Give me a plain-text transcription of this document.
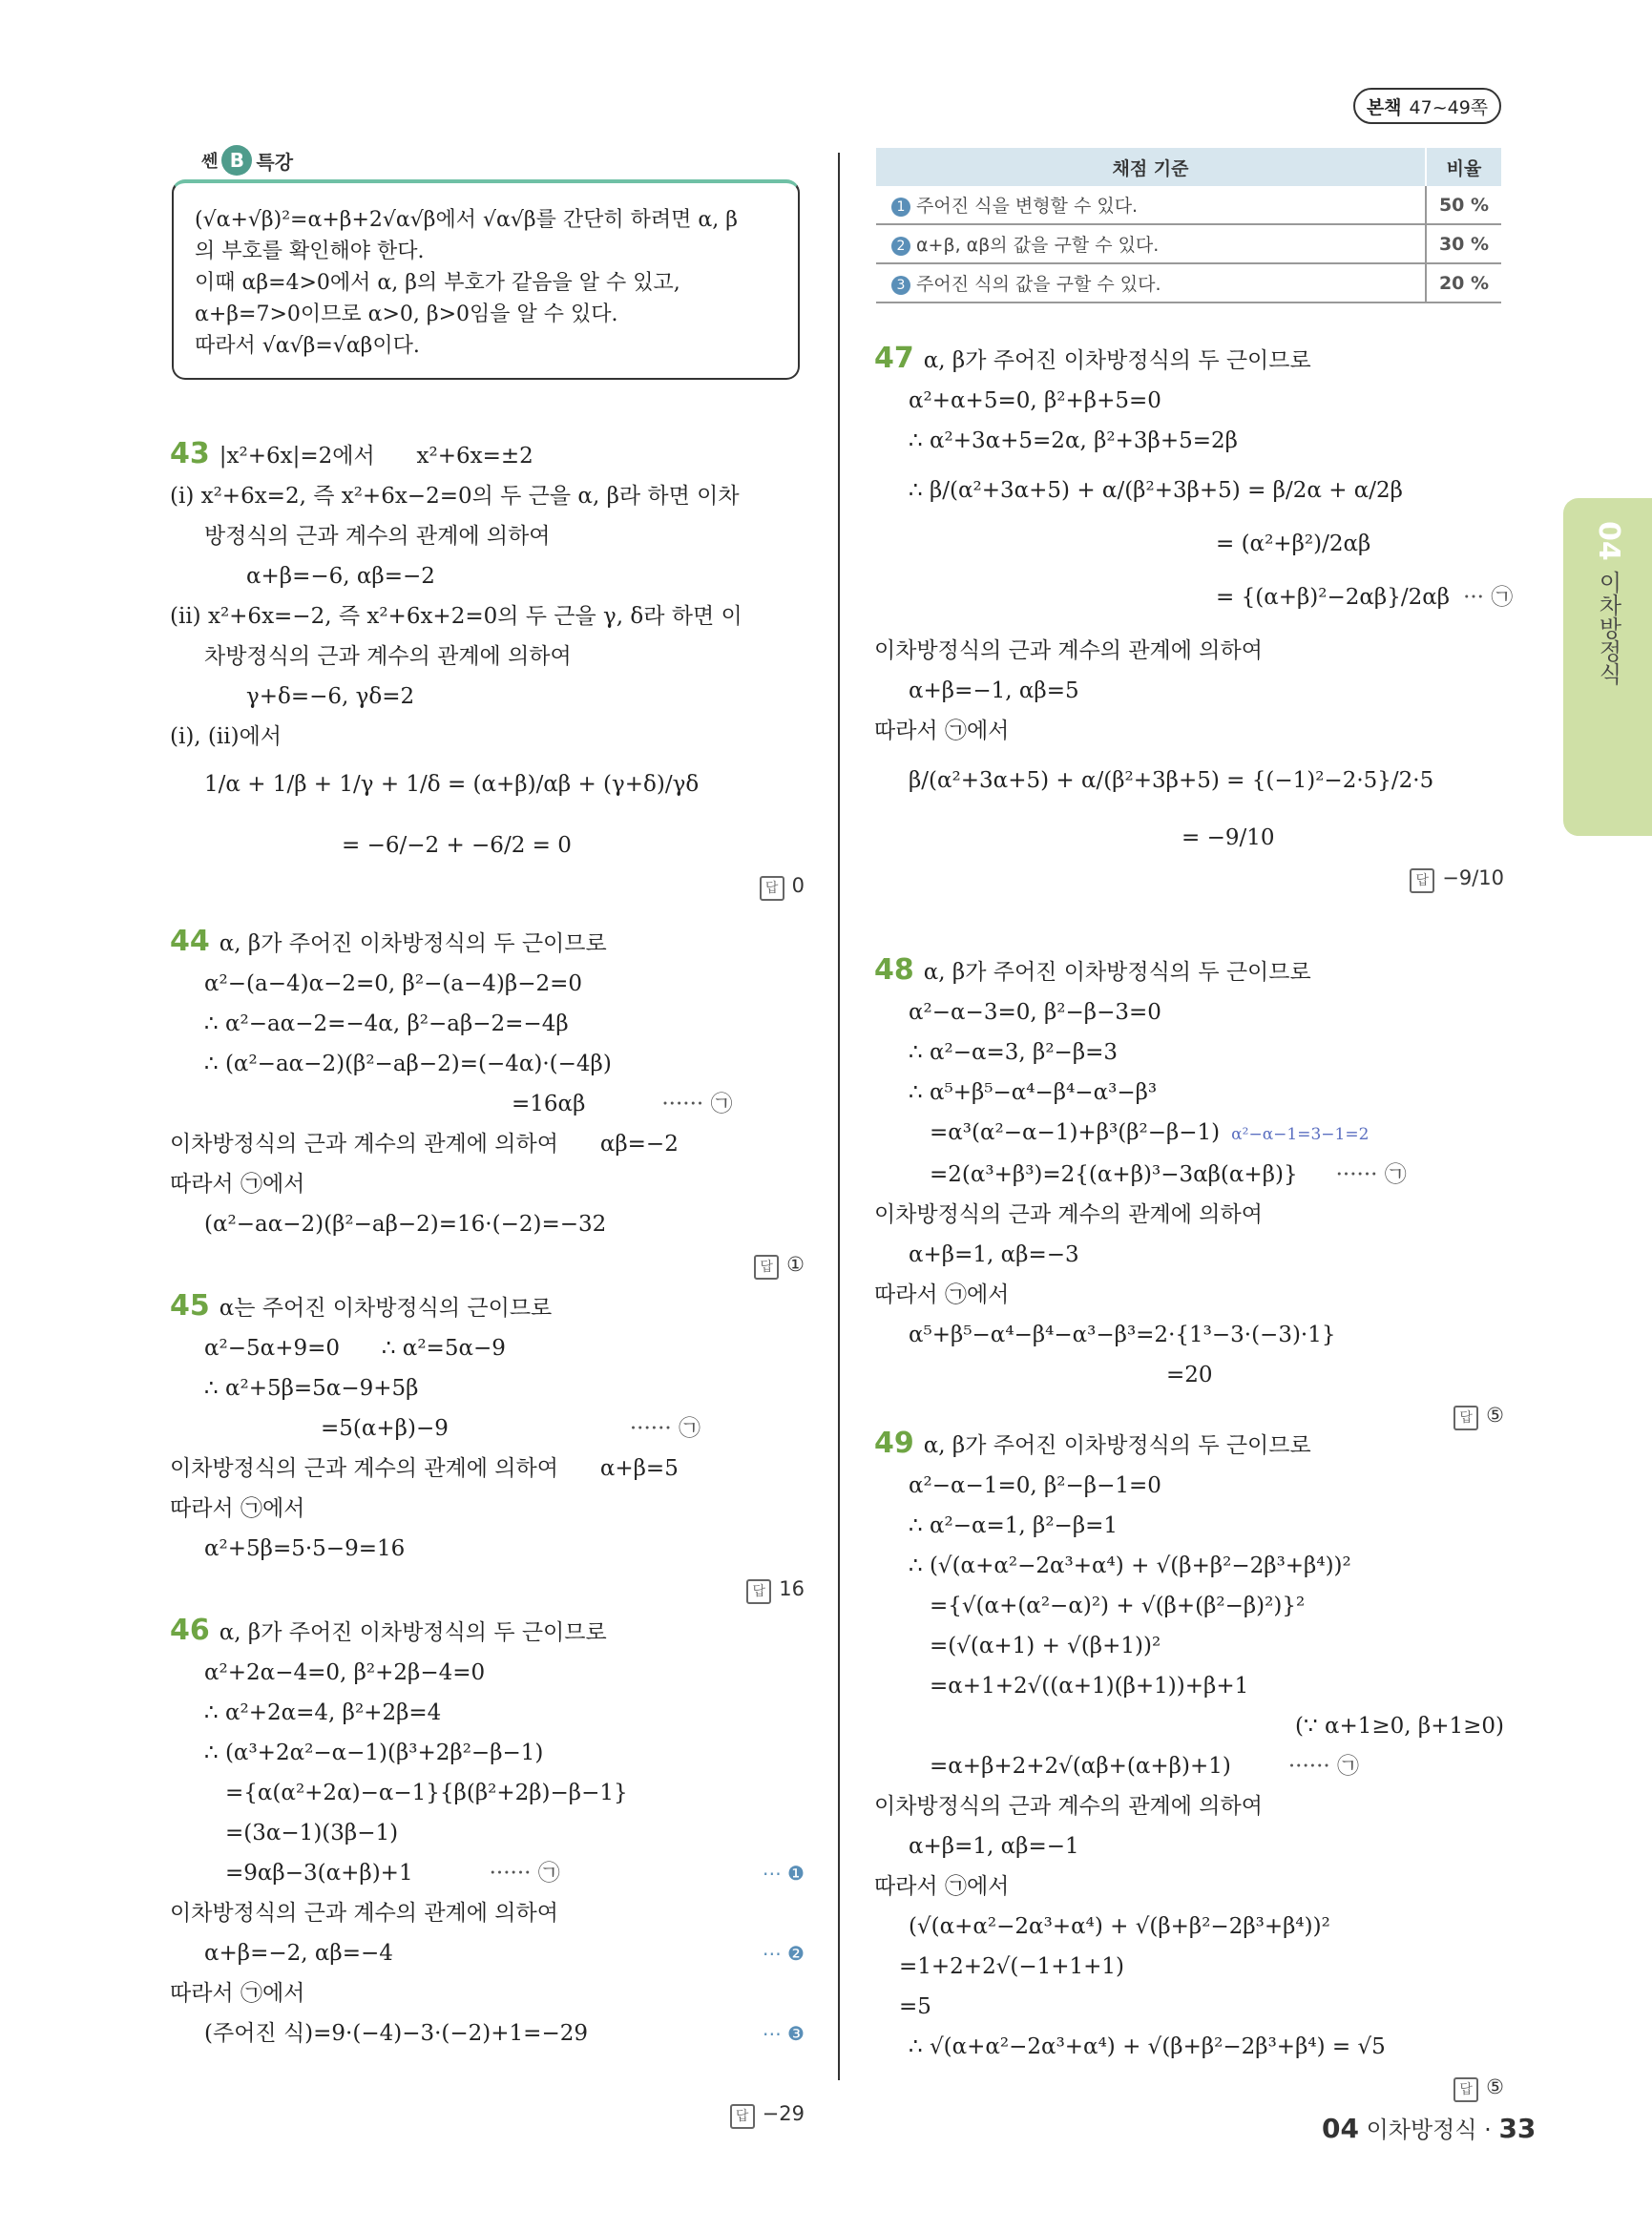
본책 47~49쪽
쎈 B 특강
(√α+√β)²=α+β+2√α√β에서 √α√β를 간단히 하려면 α, β
의 부호를 확인해야 한다.
이때 αβ=4>0에서 α, β의 부호가 같음을 알 수 있고,
α+β=7>0이므로 α>0, β>0임을 알 수 있다.
따라서 √α√β=√αβ이다.
채점 기준	비율
1 주어진 식을 변형할 수 있다.	50 %
2 α+β, αβ의 값을 구할 수 있다.	30 %
3 주어진 식의 값을 구할 수 있다.	20 %
43 |x²+6x|=2에서      x²+6x=±2
(ⅰ) x²+6x=2, 즉 x²+6x−2=0의 두 근을 α, β라 하면 이차
방정식의 근과 계수의 관계에 의하여
α+β=−6, αβ=−2
(ⅱ) x²+6x=−2, 즉 x²+6x+2=0의 두 근을 γ, δ라 하면 이
차방정식의 근과 계수의 관계에 의하여
γ+δ=−6, γδ=2
(ⅰ), (ⅱ)에서
1/α + 1/β + 1/γ + 1/δ = (α+β)/αβ + (γ+δ)/γδ
= −6/−2 + −6/2 = 0

답 0

44 α, β가 주어진 이차방정식의 두 근이므로
α²−(a−4)α−2=0, β²−(a−4)β−2=0
∴ α²−aα−2=−4α, β²−aβ−2=−4β
∴ (α²−aα−2)(β²−aβ−2)=(−4α)·(−4β)
=16αβ	······ ㉠
이차방정식의 근과 계수의 관계에 의하여      αβ=−2
따라서 ㉠에서
(α²−aα−2)(β²−aβ−2)=16·(−2)=−32

답 ①

45 α는 주어진 이차방정식의 근이므로
α²−5α+9=0      ∴ α²=5α−9
∴ α²+5β=5α−9+5β
=5(α+β)−9	······ ㉠
이차방정식의 근과 계수의 관계에 의하여      α+β=5
따라서 ㉠에서
α²+5β=5·5−9=16

답 16

46 α, β가 주어진 이차방정식의 두 근이므로
α²+2α−4=0, β²+2β−4=0
∴ α²+2α=4, β²+2β=4
∴ (α³+2α²−α−1)(β³+2β²−β−1)
={α(α²+2α)−α−1}{β(β²+2β)−β−1}
=(3α−1)(3β−1)
=9αβ−3(α+β)+1	······ ㉠	⋯ ❶
이차방정식의 근과 계수의 관계에 의하여
α+β=−2, αβ=−4	⋯ ❷
따라서 ㉠에서
(주어진 식)=9·(−4)−3·(−2)+1=−29	⋯ ❸

답 −29

47 α, β가 주어진 이차방정식의 두 근이므로
α²+α+5=0, β²+β+5=0
∴ α²+3α+5=2α, β²+3β+5=2β
∴ β/(α²+3α+5) + α/(β²+3β+5) = β/2α + α/2β
= (α²+β²)/2αβ
= {(α+β)²−2αβ}/2αβ ··· ㉠
이차방정식의 근과 계수의 관계에 의하여
α+β=−1, αβ=5
따라서 ㉠에서
β/(α²+3α+5) + α/(β²+3β+5) = {(−1)²−2·5}/2·5
= −9/10

답 −9/10

48 α, β가 주어진 이차방정식의 두 근이므로
α²−α−3=0, β²−β−3=0
∴ α²−α=3, β²−β=3
∴ α⁵+β⁵−α⁴−β⁴−α³−β³
=α³(α²−α−1)+β³(β²−β−1) α²−α−1=3−1=2
=2(α³+β³)=2{(α+β)³−3αβ(α+β)} ······ ㉠
이차방정식의 근과 계수의 관계에 의하여
α+β=1, αβ=−3
따라서 ㉠에서
α⁵+β⁵−α⁴−β⁴−α³−β³=2·{1³−3·(−3)·1}
=20

답 ⑤

49 α, β가 주어진 이차방정식의 두 근이므로
α²−α−1=0, β²−β−1=0
∴ α²−α=1, β²−β=1
∴ (√(α+α²−2α³+α⁴) + √(β+β²−2β³+β⁴))²
={√(α+(α²−α)²) + √(β+(β²−β)²)}²
=(√(α+1) + √(β+1))²
=α+1+2√((α+1)(β+1))+β+1
(∵ α+1≥0, β+1≥0)
=α+β+2+2√(αβ+(α+β)+1)	······ ㉠
이차방정식의 근과 계수의 관계에 의하여
α+β=1, αβ=−1
따라서 ㉠에서
(√(α+α²−2α³+α⁴) + √(β+β²−2β³+β⁴))²
=1+2+2√(−1+1+1)
=5
∴ √(α+α²−2α³+α⁴) + √(β+β²−2β³+β⁴) = √5

답 ⑤

04이차방정식
04 이차방정식 · 33
